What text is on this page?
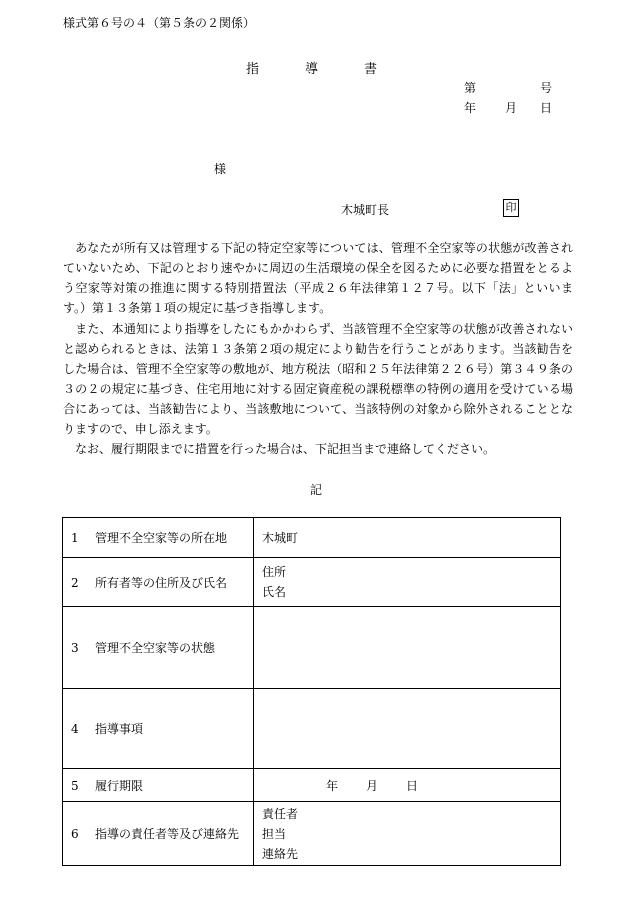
様式第６号の４（第５条の２関係）
指	導	書
第	号
年 月 日
様
木城町長	印
　あなたが所有又は管理する下記の特定空家等については、管理不全空家等の状態が改善されていないため、下記のとおり速やかに周辺の生活環境の保全を図るために必要な措置をとるよう空家等対策の推進に関する特別措置法（平成２６年法律第１２７号。以下「法」といいます。）第１３条第１項の規定に基づき指導します。
　また、本通知により指導をしたにもかかわらず、当該管理不全空家等の状態が改善されないと認められるときは、法第１３条第２項の規定により勧告を行うことがあります。当該勧告をした場合は、管理不全空家等の敷地が、地方税法（昭和２５年法律第２２６号）第３４９条の３の２の規定に基づき、住宅用地に対する固定資産税の課税標準の特例の適用を受けている場合にあっては、当該勧告により、当該敷地について、当該特例の対象から除外されることとなりますので、申し添えます。
　なお、履行期限までに措置を行った場合は、下記担当まで連絡してください。
記
1 管理不全空家等の所在地	木城町
2 所有者等の住所及び氏名	住所
氏名

3 管理不全空家等の状態	
4 指導事項	
5 履行期限	年 月 日
6 指導の責任者等及び連絡先	責任者
担当
連絡先
